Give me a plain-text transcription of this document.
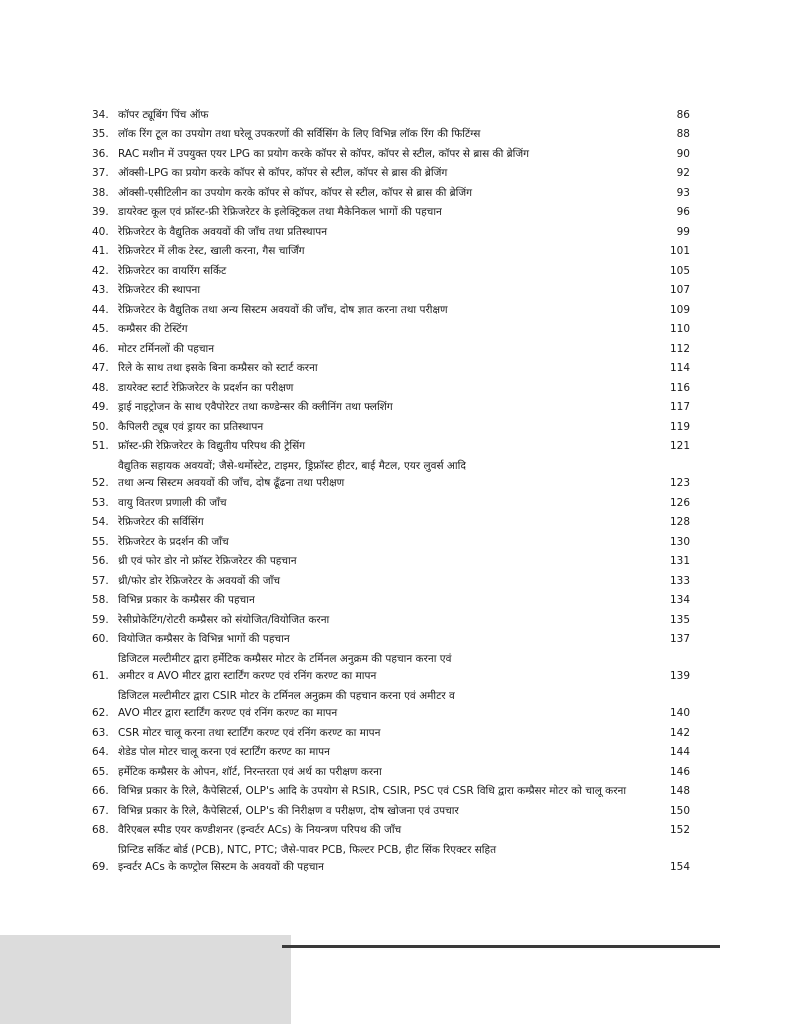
34. कॉपर ट्यूबिंग पिंच ऑफ	86
35. लॉक रिंग टूल का उपयोग तथा घरेलू उपकरणों की सर्विसिंग के लिए विभिन्न लॉक रिंग की फिटिंग्स	88
36. RAC मशीन में उपयुक्त एयर LPG का प्रयोग करके कॉपर से कॉपर, कॉपर से स्टील, कॉपर से ब्रास की ब्रेजिंग	90
37. ऑक्सी-LPG का प्रयोग करके कॉपर से कॉपर, कॉपर से स्टील, कॉपर से ब्रास की ब्रेजिंग	92
38. ऑक्सी-एसीटिलीन का उपयोग करके कॉपर से कॉपर, कॉपर से स्टील, कॉपर से ब्रास की ब्रेजिंग	93
39. डायरेक्ट कूल एवं फ्रॉस्ट-फ्री रेफ्रिजरेटर के इलेक्ट्रिकल तथा मैकेनिकल भागों की पहचान	96
40. रेफ्रिजरेटर के वैद्युतिक अवयवों की जाँच तथा प्रतिस्थापन	99
41. रेफ्रिजरेटर में लीक टेस्ट, खाली करना, गैस चार्जिंग	101
42. रेफ्रिजरेटर का वायरिंग सर्किट	105
43. रेफ्रिजरेटर की स्थापना	107
44. रेफ्रिजरेटर के वैद्युतिक तथा अन्य सिस्टम अवयवों की जाँच, दोष ज्ञात करना तथा परीक्षण	109
45. कम्प्रैसर की टेस्टिंग	110
46. मोटर टर्मिनलों की पहचान	112
47. रिले के साथ तथा इसके बिना कम्प्रैसर को स्टार्ट करना	114
48. डायरेक्ट स्टार्ट रेफ्रिजरेटर के प्रदर्शन का परीक्षण	116
49. ड्राई नाइट्रोजन के साथ एवैपोरेटर तथा कण्डेन्सर की क्लीनिंग तथा फ्लशिंग	117
50. कैपिलरी ट्यूब एवं ड्रायर का प्रतिस्थापन	119
51. फ्रॉस्ट-फ्री रेफ्रिजरेटर के विद्युतीय परिपथ की ट्रेसिंग	121
52.
वैद्युतिक सहायक अवयवों; जैसे-थर्मोस्टेट, टाइमर, ड्रिफ्रॉस्ट हीटर, बाई मैटल, एयर लुवर्स आदि
तथा अन्य सिस्टम अवयवों की जाँच, दोष ढूँढना तथा परीक्षण	123
53. वायु वितरण प्रणाली की जाँच	126
54. रेफ्रिजरेटर की सर्विसिंग	128
55. रेफ्रिजरेटर के प्रदर्शन की जाँच	130
56. थ्री एवं फोर डोर नो फ्रॉस्ट रेफ्रिजरेटर की पहचान	131
57. थ्री/फोर डोर रेफ्रिजरेटर के अवयवों की जाँच	133
58. विभिन्न प्रकार के कम्प्रैसर की पहचान	134
59. रेसीप्रोकेटिंग/रोटरी कम्प्रैसर को संयोजित/वियोजित करना	135
60. वियोजित कम्प्रैसर के विभिन्न भागों की पहचान	137
61.
डिजिटल मल्टीमीटर द्वारा हर्मेटिक कम्प्रैसर मोटर के टर्मिनल अनुक्रम की पहचान करना एवं
अमीटर व AVO मीटर द्वारा स्टार्टिंग करण्ट एवं रनिंग करण्ट का मापन	139
62.
डिजिटल मल्टीमीटर द्वारा CSIR मोटर के टर्मिनल अनुक्रम की पहचान करना एवं अमीटर व
AVO मीटर द्वारा स्टार्टिंग करण्ट एवं रनिंग करण्ट का मापन	140
63. CSR मोटर चालू करना तथा स्टार्टिंग करण्ट एवं रनिंग करण्ट का मापन	142
64. शेडेड पोल मोटर चालू करना एवं स्टार्टिंग करण्ट का मापन	144
65. हर्मेटिक कम्प्रैसर के ओपन, शॉर्ट, निरन्तरता एवं अर्थ का परीक्षण करना	146
66. विभिन्न प्रकार के रिले, कैपेसिटर्स, OLP's आदि के उपयोग से RSIR, CSIR, PSC एवं CSR विधि द्वारा कम्प्रैसर मोटर को चालू करना	148
67. विभिन्न प्रकार के रिले, कैपेसिटर्स, OLP's की निरीक्षण व परीक्षण, दोष खोजना एवं उपचार	150
68. वैरिएबल स्पीड एयर कण्डीशनर (इन्वर्टर ACs) के नियन्त्रण परिपथ की जाँच	152
69.
प्रिन्टिड सर्किट बोर्ड (PCB), NTC, PTC; जैसे-पावर PCB, फिल्टर PCB, हीट सिंक रिएक्टर सहित
इन्वर्टर ACs के कण्ट्रोल सिस्टम के अवयवों की पहचान	154
